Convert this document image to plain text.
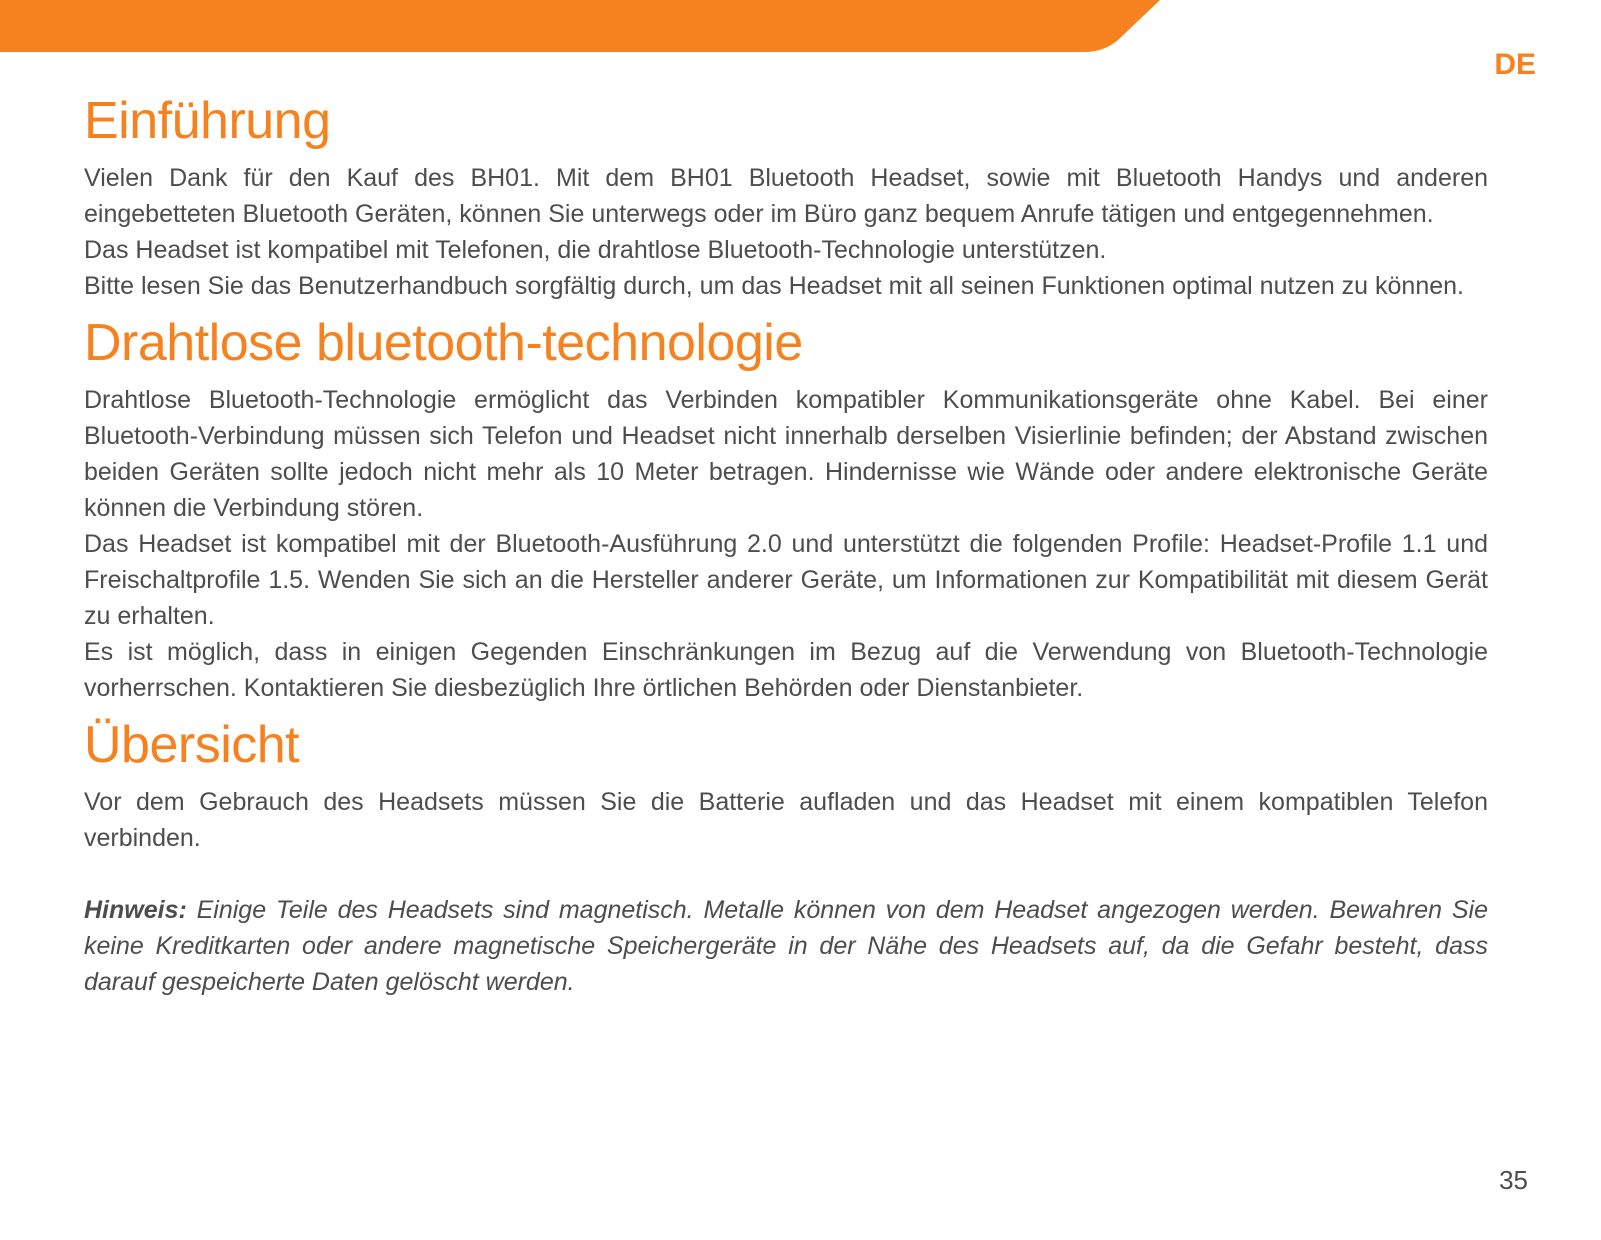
DE
Einführung

Vielen Dank für den Kauf des BH01. Mit dem BH01 Bluetooth Headset, sowie mit Bluetooth Handys und anderen eingebetteten Bluetooth Geräten, können Sie unterwegs oder im Büro ganz bequem Anrufe tätigen und entgegennehmen.

Das Headset ist kompatibel mit Telefonen, die drahtlose Bluetooth-Technologie unterstützen.

Bitte lesen Sie das Benutzerhandbuch sorgfältig durch, um das Headset mit all seinen Funktionen optimal nutzen zu können.

Drahtlose bluetooth-technologie

Drahtlose Bluetooth-Technologie ermöglicht das Verbinden kompatibler Kommunikationsgeräte ohne Kabel. Bei einer Bluetooth-Verbindung müssen sich Telefon und Headset nicht innerhalb derselben Visierlinie befinden; der Abstand zwischen beiden Geräten sollte jedoch nicht mehr als 10 Meter betragen. Hindernisse wie Wände oder andere elektronische Geräte können die Verbindung stören.

Das Headset ist kompatibel mit der Bluetooth-Ausführung 2.0 und unterstützt die folgenden Profile: Headset-Profile 1.1 und Freischaltprofile 1.5. Wenden Sie sich an die Hersteller anderer Geräte, um Informationen zur Kompatibilität mit diesem Gerät zu erhalten.

Es ist möglich, dass in einigen Gegenden Einschränkungen im Bezug auf die Verwendung von Bluetooth-Technologie vorherrschen. Kontaktieren Sie diesbezüglich Ihre örtlichen Behörden oder Dienstanbieter.

Übersicht

Vor dem Gebrauch des Headsets müssen Sie die Batterie aufladen und das Headset mit einem kompatiblen Telefon verbinden.

Hinweis: Einige Teile des Headsets sind magnetisch. Metalle können von dem Headset angezogen werden. Bewahren Sie keine Kreditkarten oder andere magnetische Speichergeräte in der Nähe des Headsets auf, da die Gefahr besteht, dass darauf gespeicherte Daten gelöscht werden.

35
